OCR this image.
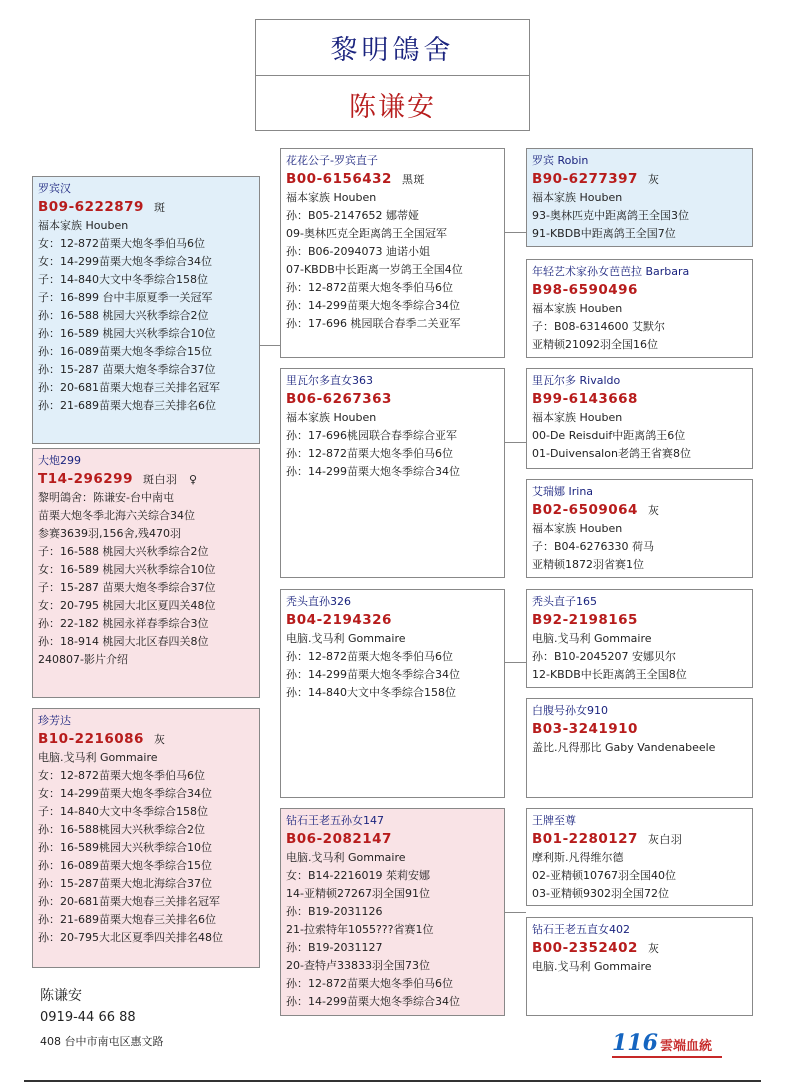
黎明鴿舍
陈谦安
罗宾汉
B09-6222879 斑
福本家族 Houben
女：12-872苗栗大炮冬季伯马6位
女：14-299苗栗大炮冬季综合34位
子：14-840大文中冬季综合158位
子：16-899 台中丰原夏季一关冠军
孙：16-588 桃园大兴秋季综合2位
孙：16-589 桃园大兴秋季综合10位
孙：16-089苗栗大炮冬季综合15位
孙：15-287 苗栗大炮冬季综合37位
孙：20-681苗栗大炮春三关排名冠军
孙：21-689苗栗大炮春三关排名6位
大炮299
T14-296299 斑白羽　♀
黎明鴿舍：陈谦安-台中南屯
苗栗大炮冬季北海六关综合34位
参赛3639羽,156舍,残470羽
子：16-588 桃园大兴秋季综合2位
女：16-589 桃园大兴秋季综合10位
子：15-287 苗栗大炮冬季综合37位
女：20-795 桃园大北区夏四关48位
孙：22-182 桃园永祥春季综合3位
孙：18-914 桃园大北区春四关8位
240807-影片介绍
珍芳达
B10-2216086 灰
电脑.戈马利 Gommaire
女：12-872苗栗大炮冬季伯马6位
女：14-299苗栗大炮冬季综合34位
子：14-840大文中冬季综合158位
孙：16-588桃园大兴秋季综合2位
孙：16-589桃园大兴秋季综合10位
孙：16-089苗栗大炮冬季综合15位
孙：15-287苗栗大炮北海综合37位
孙：20-681苗栗大炮春三关排名冠军
孙：21-689苗栗大炮春三关排名6位
孙：20-795大北区夏季四关排名48位
花花公子-罗宾直子
B00-6156432 黑斑
福本家族 Houben
孙：B05-2147652 娜蒂娅
09-奥林匹克全距离鸽王全国冠军
孙：B06-2094073 迪诺小姐
07-KBDB中长距离一岁鸽王全国4位
孙：12-872苗栗大炮冬季伯马6位
孙：14-299苗栗大炮冬季综合34位
孙：17-696 桃园联合春季二关亚军
里瓦尔多直女363
B06-6267363
福本家族 Houben
孙：17-696桃园联合春季综合亚军
孙：12-872苗栗大炮冬季伯马6位
孙：14-299苗栗大炮冬季综合34位
秃头直孙326
B04-2194326
电脑.戈马利 Gommaire
孙：12-872苗栗大炮冬季伯马6位
孙：14-299苗栗大炮冬季综合34位
孙：14-840大文中冬季综合158位
钻石王老五孙女147
B06-2082147
电脑.戈马利 Gommaire
女：B14-2216019 茱莉安娜
14-亚精顿27267羽全国91位
孙：B19-2031126
21-拉索特年1055???省赛1位
孙：B19-2031127
20-查特卢33833羽全国73位
孙：12-872苗栗大炮冬季伯马6位
孙：14-299苗栗大炮冬季综合34位
罗宾 Robin
B90-6277397 灰
福本家族 Houben
93-奥林匹克中距离鸽王全国3位
91-KBDB中距离鸽王全国7位
年轻艺术家孙女芭芭拉 Barbara
B98-6590496
福本家族 Houben
子：B08-6314600 艾默尔
亚精顿21092羽全国16位
里瓦尔多 Rivaldo
B99-6143668
福本家族 Houben
00-De Reisduif中距离鸽王6位
01-Duivensalon老鸽王省赛8位
艾瑞娜 Irina
B02-6509064 灰
福本家族 Houben
子：B04-6276330 荷马
亚精顿1872羽省赛1位
秃头直子165
B92-2198165
电脑.戈马利 Gommaire
孙：B10-2045207 安娜贝尔
12-KBDB中长距离鸽王全国8位
白腹号孙女910
B03-3241910
盖比.凡得那比 Gaby Vandenabeele
王牌至尊
B01-2280127 灰白羽
摩利斯.凡得维尔德
02-亚精顿10767羽全国40位
03-亚精顿9302羽全国72位
钻石王老五直女402
B00-2352402 灰
电脑.戈马利 Gommaire
陈谦安
0919-44 66 88
408 台中市南屯区惠文路	116 雲端血統
